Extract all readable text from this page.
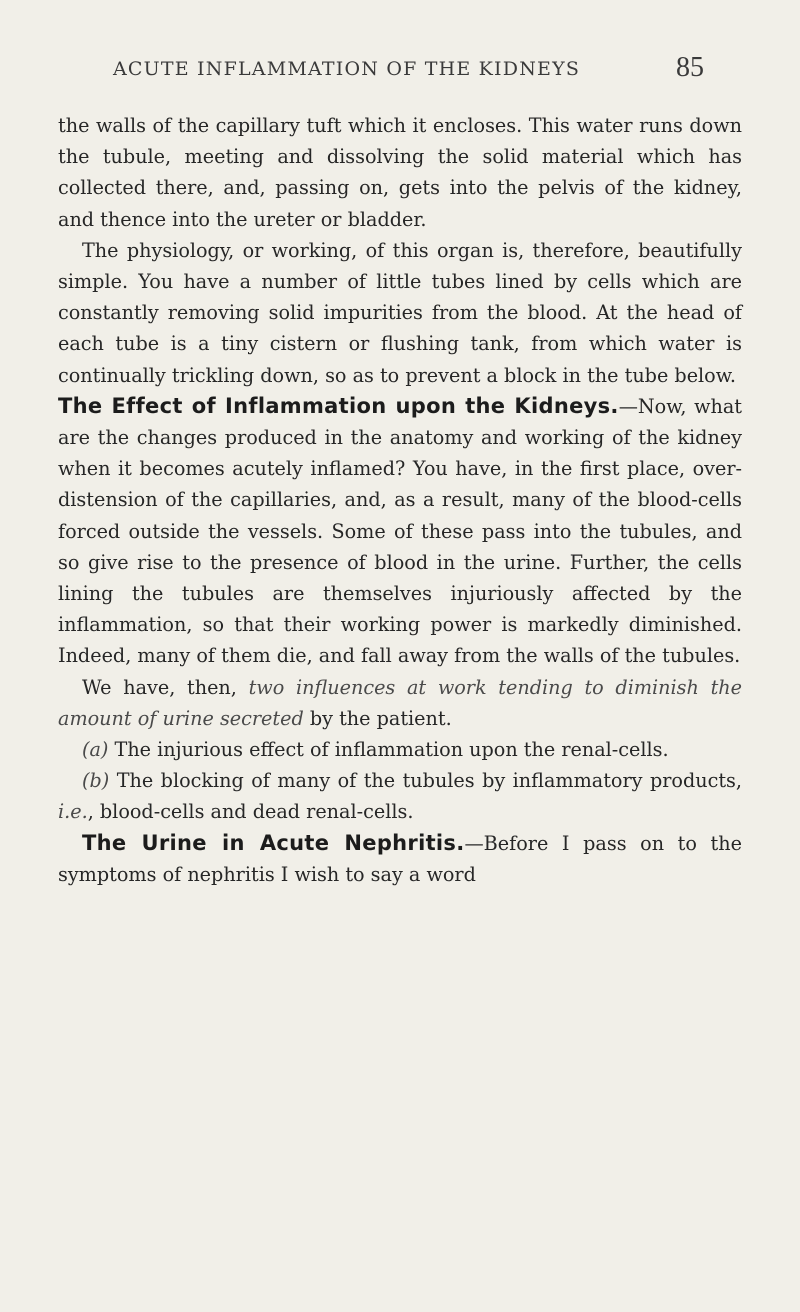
ACUTE INFLAMMATION OF THE KIDNEYS	85

the walls of the capillary tuft which it encloses. This water runs down the tubule, meeting and dissolving the solid material which has collected there, and, passing on, gets into the pelvis of the kidney, and thence into the ureter or bladder.

The physiology, or working, of this organ is, therefore, beautifully simple. You have a number of little tubes lined by cells which are constantly removing solid impurities from the blood. At the head of each tube is a tiny cistern or flushing tank, from which water is continually trickling down, so as to prevent a block in the tube below.

The Effect of Inflammation upon the Kidneys.—Now, what are the changes produced in the anatomy and working of the kidney when it becomes acutely inflamed? You have, in the first place, over-distension of the capillaries, and, as a result, many of the blood-cells forced outside the vessels. Some of these pass into the tubules, and so give rise to the presence of blood in the urine. Further, the cells lining the tubules are themselves injuriously affected by the inflammation, so that their working power is markedly diminished. Indeed, many of them die, and fall away from the walls of the tubules.

We have, then, two influences at work tending to diminish the amount of urine secreted by the patient.

(a) The injurious effect of inflammation upon the renal-cells.

(b) The blocking of many of the tubules by inflammatory products, i.e., blood-cells and dead renal-cells.

The Urine in Acute Nephritis.—Before I pass on to the symptoms of nephritis I wish to say a word
